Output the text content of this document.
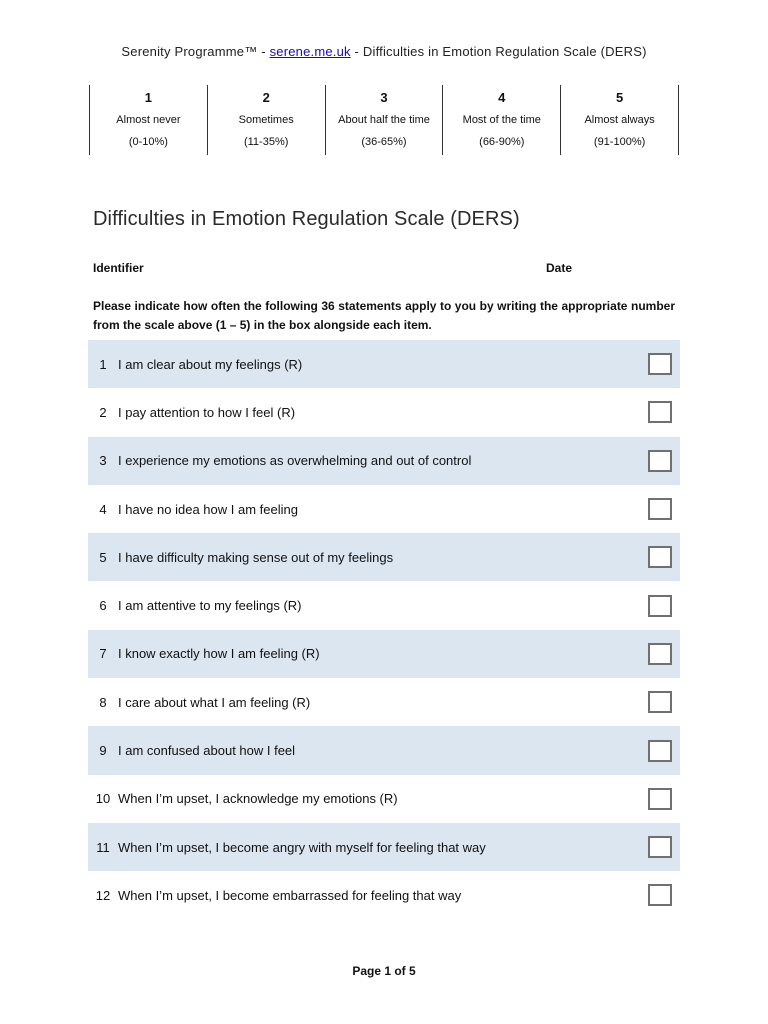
Serenity Programme™ - serene.me.uk - Difficulties in Emotion Regulation Scale (DERS)
1
Almost never
(0-10%)
2
Sometimes
(11-35%)
3
About half the time
(36-65%)
4
Most of the time
(66-90%)
5
Almost always
(91-100%)
Difficulties in Emotion Regulation Scale (DERS)
Identifier	Date

Please indicate how often the following 36 statements apply to you by writing the appropriate number from the scale above (1 – 5) in the box alongside each item.

1 I am clear about my feelings (R)
2 I pay attention to how I feel (R)
3 I experience my emotions as overwhelming and out of control
4 I have no idea how I am feeling
5 I have difficulty making sense out of my feelings
6 I am attentive to my feelings (R)
7 I know exactly how I am feeling (R)
8 I care about what I am feeling (R)
9 I am confused about how I feel
10 When I’m upset, I acknowledge my emotions (R)
11 When I’m upset, I become angry with myself for feeling that way
12 When I’m upset, I become embarrassed for feeling that way
Page 1 of 5
